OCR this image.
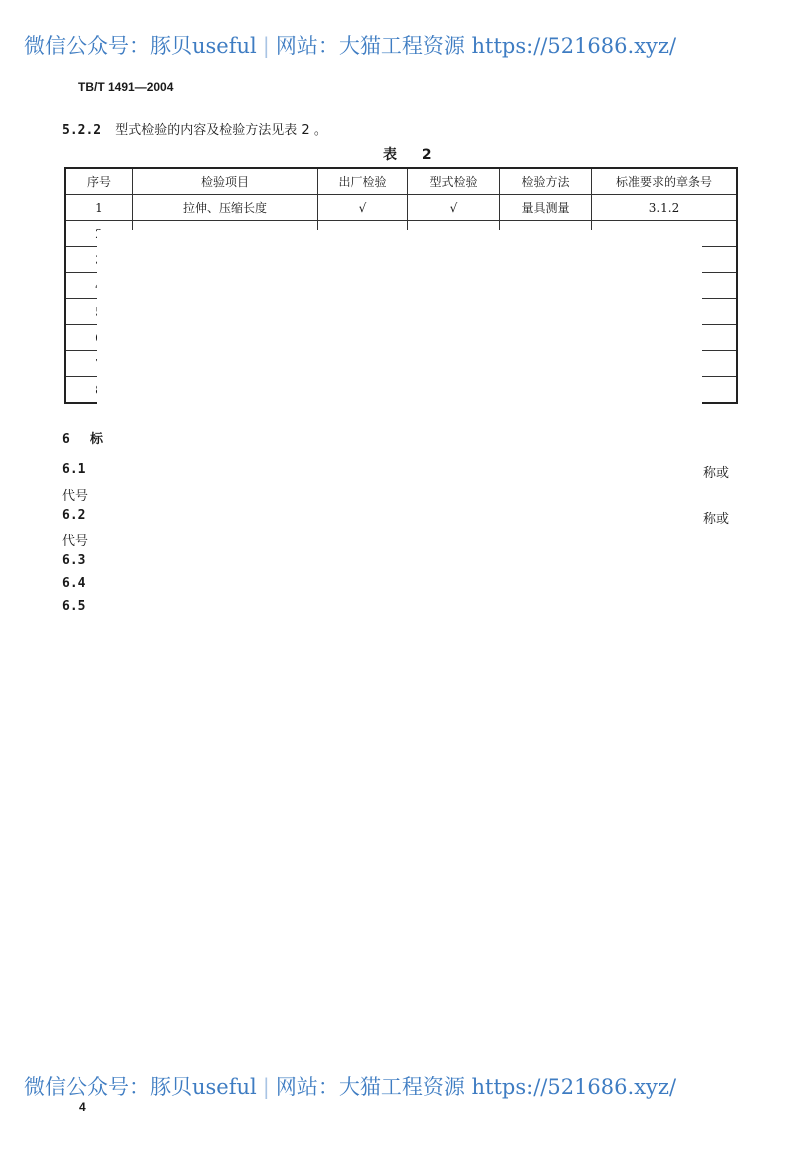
微信公众号：豚贝useful | 网站：大猫工程资源 https://521686.xyz/
TB/T 1491—2004
5.2.2 型式检验的内容及检验方法见表 2 。
表 2
序号	检验项目	出厂检验	型式检验	检验方法	标准要求的章条号
1	拉伸、压缩长度	√	√	量具测量	3.1.2

6 标
6.1	称或
代号
6.2	称或
代号
6.3
6.4
6.5
微信公众号：豚贝useful | 网站：大猫工程资源 https://521686.xyz/
4
